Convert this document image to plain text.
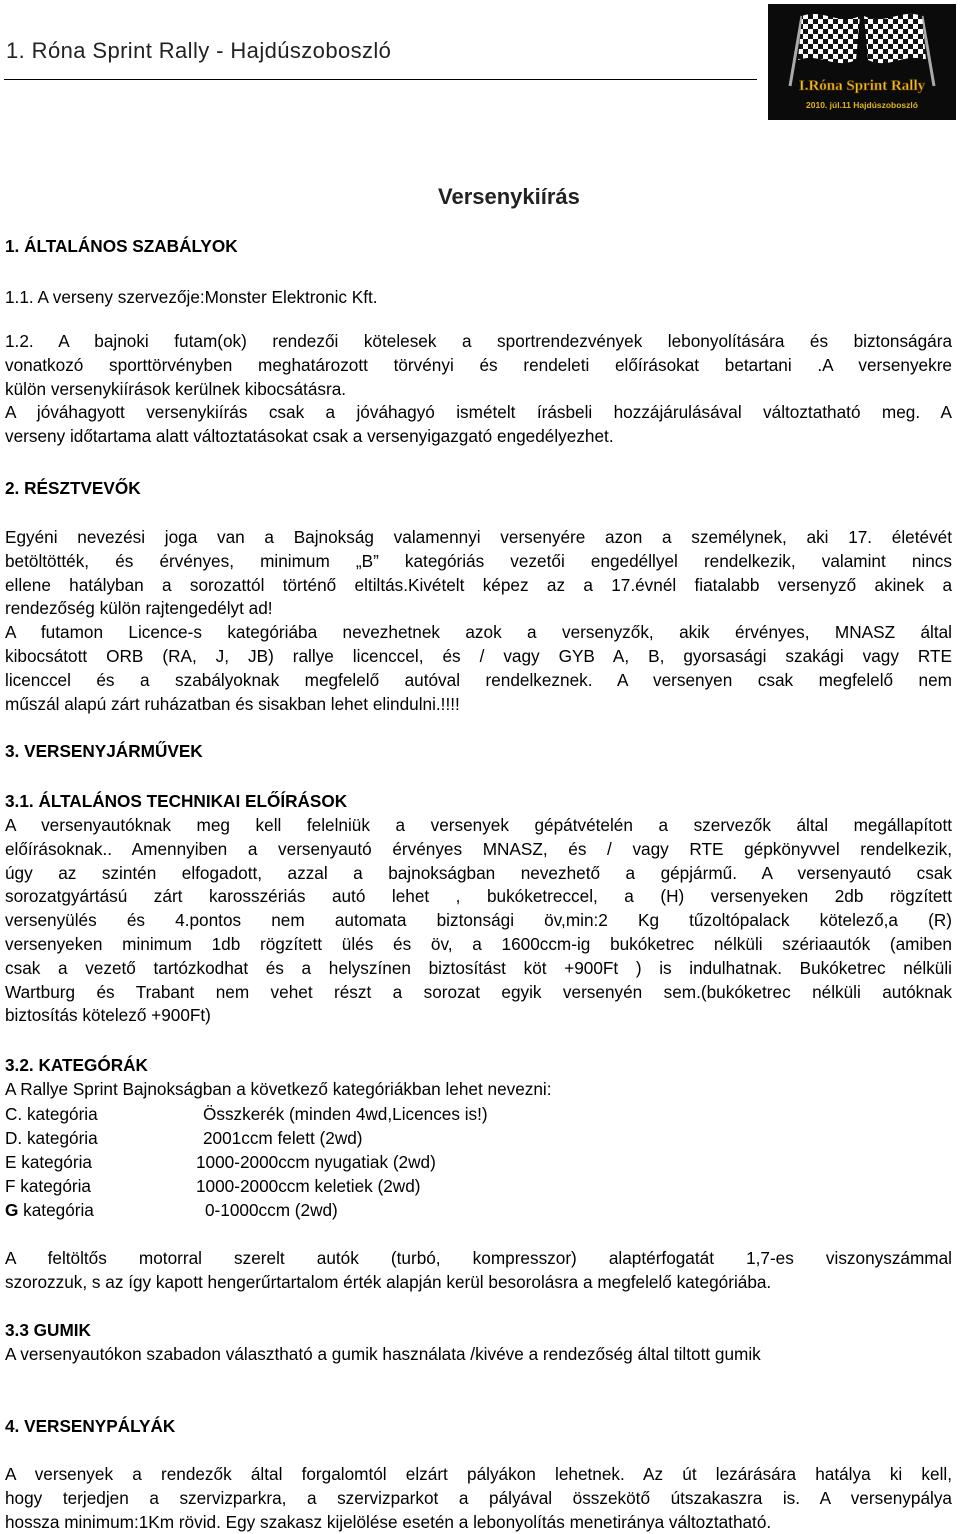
1. Róna Sprint Rally - Hajdúszoboszló
I.Róna Sprint Rally
2010. júl.11 Hajdúszoboszló
Versenykiírás
1. ÁLTALÁNOS SZABÁLYOK
1.1. A verseny szervezője:Monster Elektronic Kft.
1.2. A bajnoki futam(ok) rendezői kötelesek a sportrendezvények lebonyolítására és biztonságára
vonatkozó sporttörvényben meghatározott törvényi és rendeleti előírásokat betartani .A versenyekre
külön versenykiírások kerülnek kibocsátásra.
A jóváhagyott versenykiírás csak a jóváhagyó ismételt írásbeli hozzájárulásával változtatható meg. A
verseny időtartama alatt változtatásokat csak a versenyigazgató engedélyezhet.
2. RÉSZTVEVŐK
Egyéni nevezési joga van a Bajnokság valamennyi versenyére azon a személynek, aki 17. életévét
betöltötték, és érvényes, minimum „B” kategóriás vezetői engedéllyel rendelkezik, valamint nincs
ellene hatályban a sorozattól történő eltiltás.Kivételt képez az a 17.évnél fiatalabb versenyző akinek a
rendezőség külön rajtengedélyt ad!
A futamon Licence-s kategóriába nevezhetnek azok a versenyzők, akik érvényes, MNASZ által
kibocsátott ORB (RA, J, JB) rallye licenccel, és / vagy GYB A, B, gyorsasági szakági vagy RTE
licenccel és a szabályoknak megfelelő autóval rendelkeznek. A versenyen csak megfelelő nem
műszál alapú zárt ruházatban és sisakban lehet elindulni.!!!!
3. VERSENYJÁRMŰVEK
3.1. ÁLTALÁNOS TECHNIKAI ELŐÍRÁSOK
A versenyautóknak meg kell felelniük a versenyek gépátvételén a szervezők által megállapított
előírásoknak.. Amennyiben a versenyautó érvényes MNASZ, és / vagy RTE gépkönyvvel rendelkezik,
úgy az szintén elfogadott, azzal a bajnokságban nevezhető a gépjármű. A versenyautó csak
sorozatgyártású zárt karosszériás autó lehet , bukóketreccel, a (H) versenyeken 2db rögzített
versenyülés és 4.pontos nem automata biztonsági öv,min:2 Kg tűzoltópalack kötelező,a (R)
versenyeken minimum 1db rögzített ülés és öv, a 1600ccm-ig bukóketrec nélküli szériaautók (amiben
csak a vezető tartózkodhat és a helyszínen biztosítást köt +900Ft ) is indulhatnak. Bukóketrec nélküli
Wartburg és Trabant nem vehet részt a sorozat egyik versenyén sem.(bukóketrec nélküli autóknak
biztosítás kötelező +900Ft)
3.2. KATEGÓRÁK
A Rallye Sprint Bajnokságban a következő kategóriákban lehet nevezni:
C. kategória	Összkerék (minden 4wd,Licences is!)
D. kategória	2001ccm felett (2wd)
E kategória	1000-2000ccm nyugatiak (2wd)
F kategória	1000-2000ccm keletiek (2wd)
G kategória	0-1000ccm (2wd)
A feltöltős motorral szerelt autók (turbó, kompresszor) alaptérfogatát 1,7-es viszonyszámmal
szorozzuk, s az így kapott hengerűrtartalom érték alapján kerül besorolásra a megfelelő kategóriába.
3.3 GUMIK
A versenyautókon szabadon választható a gumik használata /kivéve a rendezőség által tiltott gumik
4. VERSENYPÁLYÁK
A versenyek a rendezők által forgalomtól elzárt pályákon lehetnek. Az út lezárására hatálya ki kell,
hogy terjedjen a szervizparkra, a szervizparkot a pályával összekötő útszakaszra is. A versenypálya
hossza minimum:1Km rövid. Egy szakasz kijelölése esetén a lebonyolítás menetiránya változtatható.
